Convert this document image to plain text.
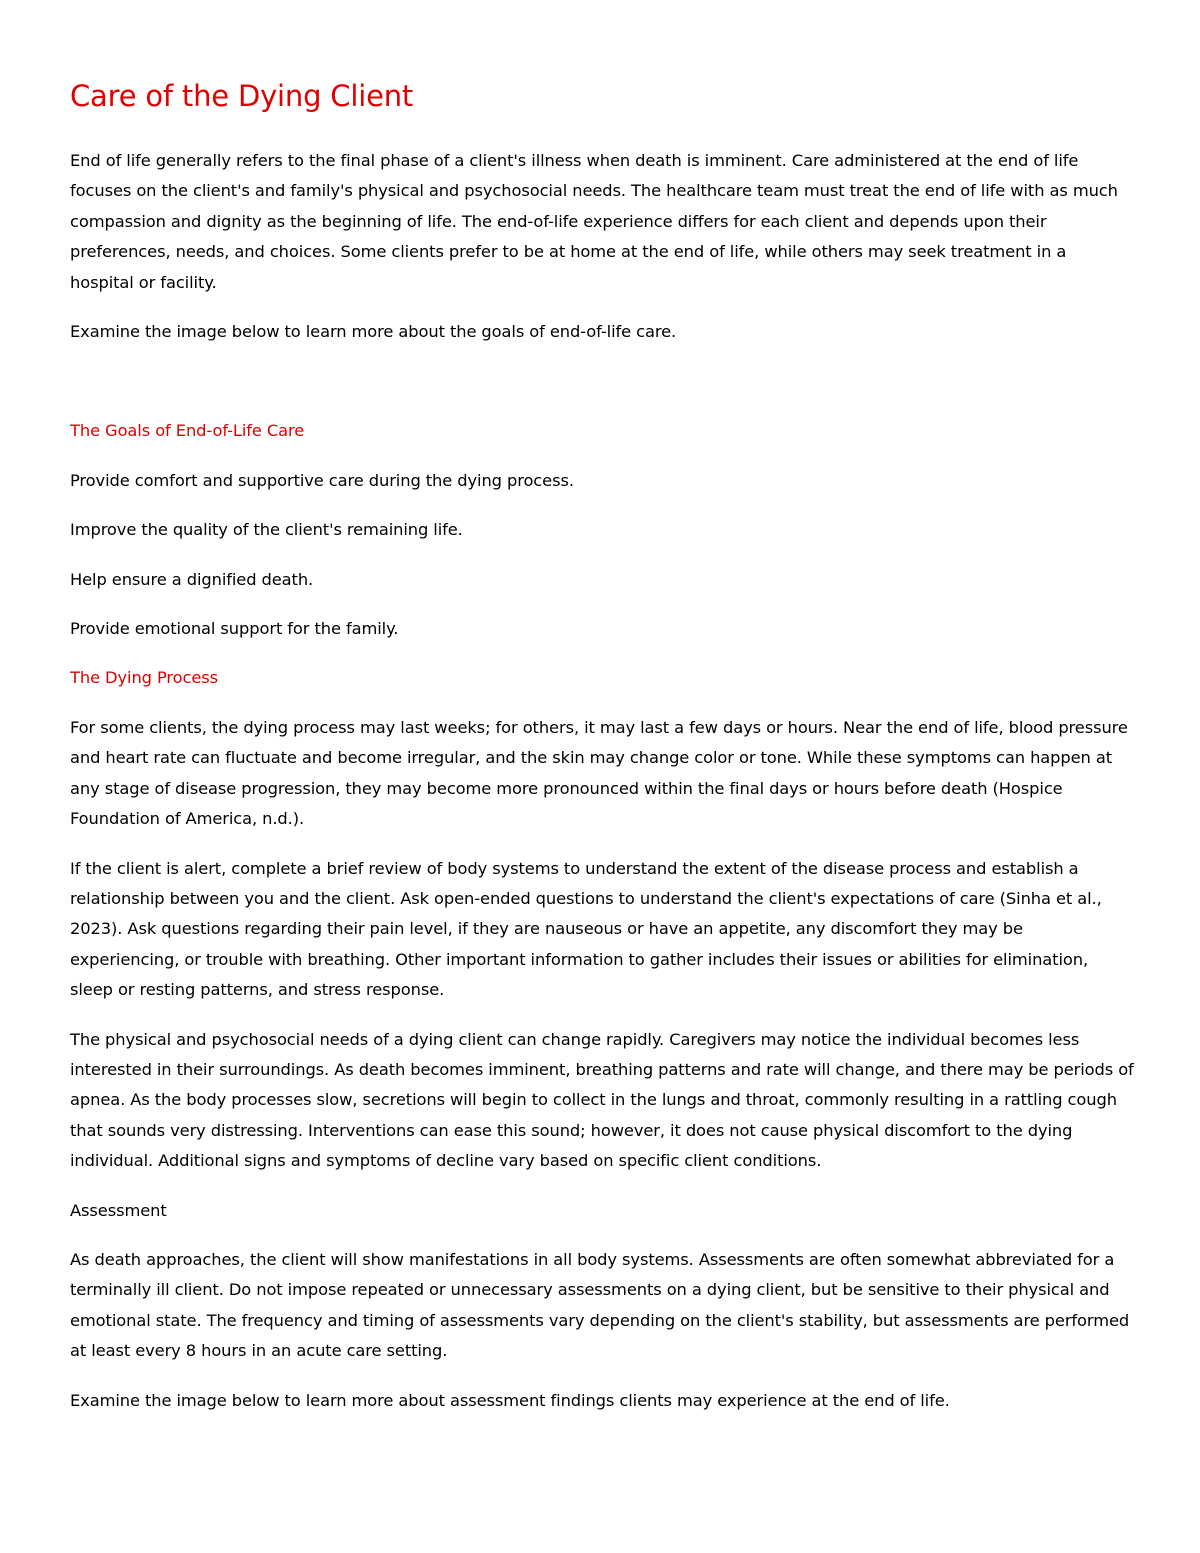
Care of the Dying Client

End of life generally refers to the final phase of a client's illness when death is imminent. Care administered at the end of life focuses on the client's and family's physical and psychosocial needs. The healthcare team must treat the end of life with as much compassion and dignity as the beginning of life. The end-of-life experience differs for each client and depends upon their preferences, needs, and choices. Some clients prefer to be at home at the end of life, while others may seek treatment in a hospital or facility.

Examine the image below to learn more about the goals of end-of-life care.

The Goals of End-of-Life Care

Provide comfort and supportive care during the dying process.

Improve the quality of the client's remaining life.

Help ensure a dignified death.

Provide emotional support for the family.

The Dying Process

For some clients, the dying process may last weeks; for others, it may last a few days or hours. Near the end of life, blood pressure and heart rate can fluctuate and become irregular, and the skin may change color or tone. While these symptoms can happen at any stage of disease progression, they may become more pronounced within the final days or hours before death (Hospice Foundation of America, n.d.).

If the client is alert, complete a brief review of body systems to understand the extent of the disease process and establish a relationship between you and the client. Ask open-ended questions to understand the client's expectations of care (Sinha et al., 2023). Ask questions regarding their pain level, if they are nauseous or have an appetite, any discomfort they may be experiencing, or trouble with breathing. Other important information to gather includes their issues or abilities for elimination, sleep or resting patterns, and stress response.

The physical and psychosocial needs of a dying client can change rapidly. Caregivers may notice the individual becomes less interested in their surroundings. As death becomes imminent, breathing patterns and rate will change, and there may be periods of apnea. As the body processes slow, secretions will begin to collect in the lungs and throat, commonly resulting in a rattling cough that sounds very distressing. Interventions can ease this sound; however, it does not cause physical discomfort to the dying individual. Additional signs and symptoms of decline vary based on specific client conditions.

Assessment

As death approaches, the client will show manifestations in all body systems. Assessments are often somewhat abbreviated for a terminally ill client. Do not impose repeated or unnecessary assessments on a dying client, but be sensitive to their physical and emotional state. The frequency and timing of assessments vary depending on the client's stability, but assessments are performed at least every 8 hours in an acute care setting.

Examine the image below to learn more about assessment findings clients may experience at the end of life.
